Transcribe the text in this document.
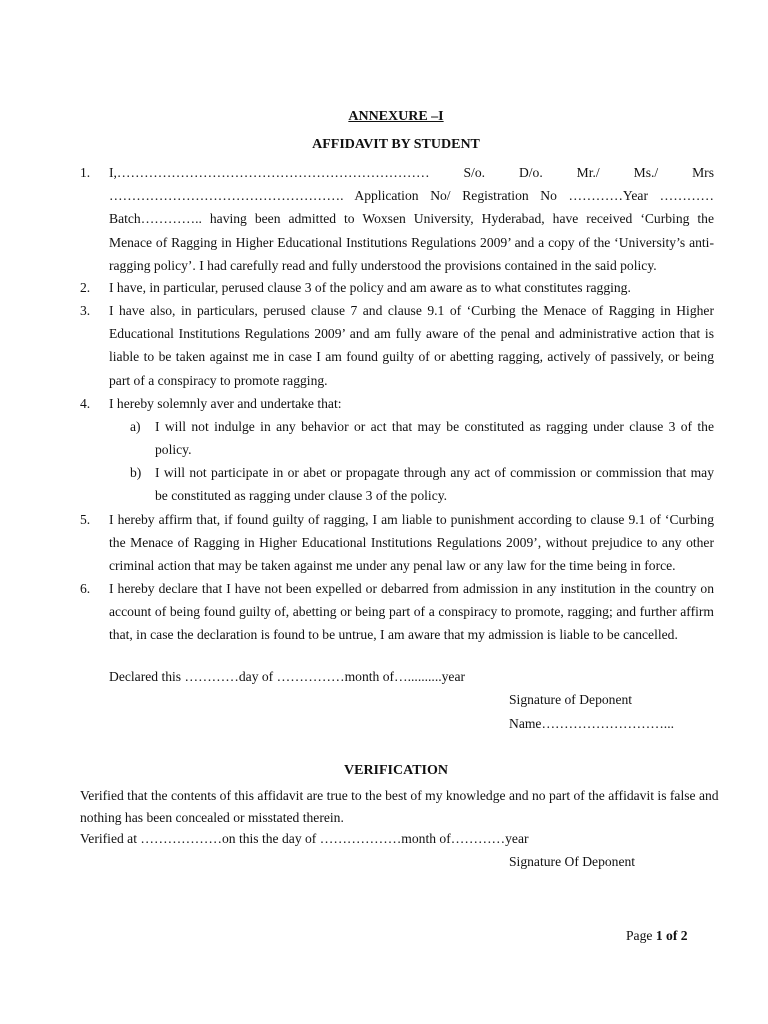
ANNEXURE –I
AFFIDAVIT BY STUDENT
1. I,…………………………………………………………… S/o. D/o. Mr./ Ms./ Mrs
……………………………………………. Application No/ Registration No …………Year …………
Batch………….. having been admitted to Woxsen University, Hyderabad, have received ‘Curbing the
Menace of Ragging in Higher Educational Institutions Regulations 2009’ and a copy of the ‘University’s anti-
ragging policy’. I had carefully read and fully understood the provisions contained in the said policy.
2. I have, in particular, perused clause 3 of the policy and am aware as to what constitutes ragging.
3. I have also, in particulars, perused clause 7 and clause 9.1 of ‘Curbing the Menace of Ragging in Higher Educational Institutions Regulations 2009’ and am fully aware of the penal and administrative action that is liable to be taken against me in case I am found guilty of or abetting ragging, actively of passively, or being part of a conspiracy to promote ragging.
4. I hereby solemnly aver and undertake that:
a) I will not indulge in any behavior or act that may be constituted as ragging under clause 3 of the policy.
b) I will not participate in or abet or propagate through any act of commission or commission that may be constituted as ragging under clause 3 of the policy.
5. I hereby affirm that, if found guilty of ragging, I am liable to punishment according to clause 9.1 of ‘Curbing the Menace of Ragging in Higher Educational Institutions Regulations 2009’, without prejudice to any other criminal action that may be taken against me under any penal law or any law for the time being in force.
6. I hereby declare that I have not been expelled or debarred from admission in any institution in the country on account of being found guilty of, abetting or being part of a conspiracy to promote, ragging; and further affirm that, in case the declaration is found to be untrue, I am aware that my admission is liable to be cancelled.
Declared this …………day of ……………month of…..........year
Signature of Deponent
Name………………………...
VERIFICATION
Verified that the contents of this affidavit are true to the best of my knowledge and no part of the affidavit is false and nothing has been concealed or misstated therein.
Verified at ………………on this the day of ………………month of…………year
Signature Of Deponent
Page 1 of 2
